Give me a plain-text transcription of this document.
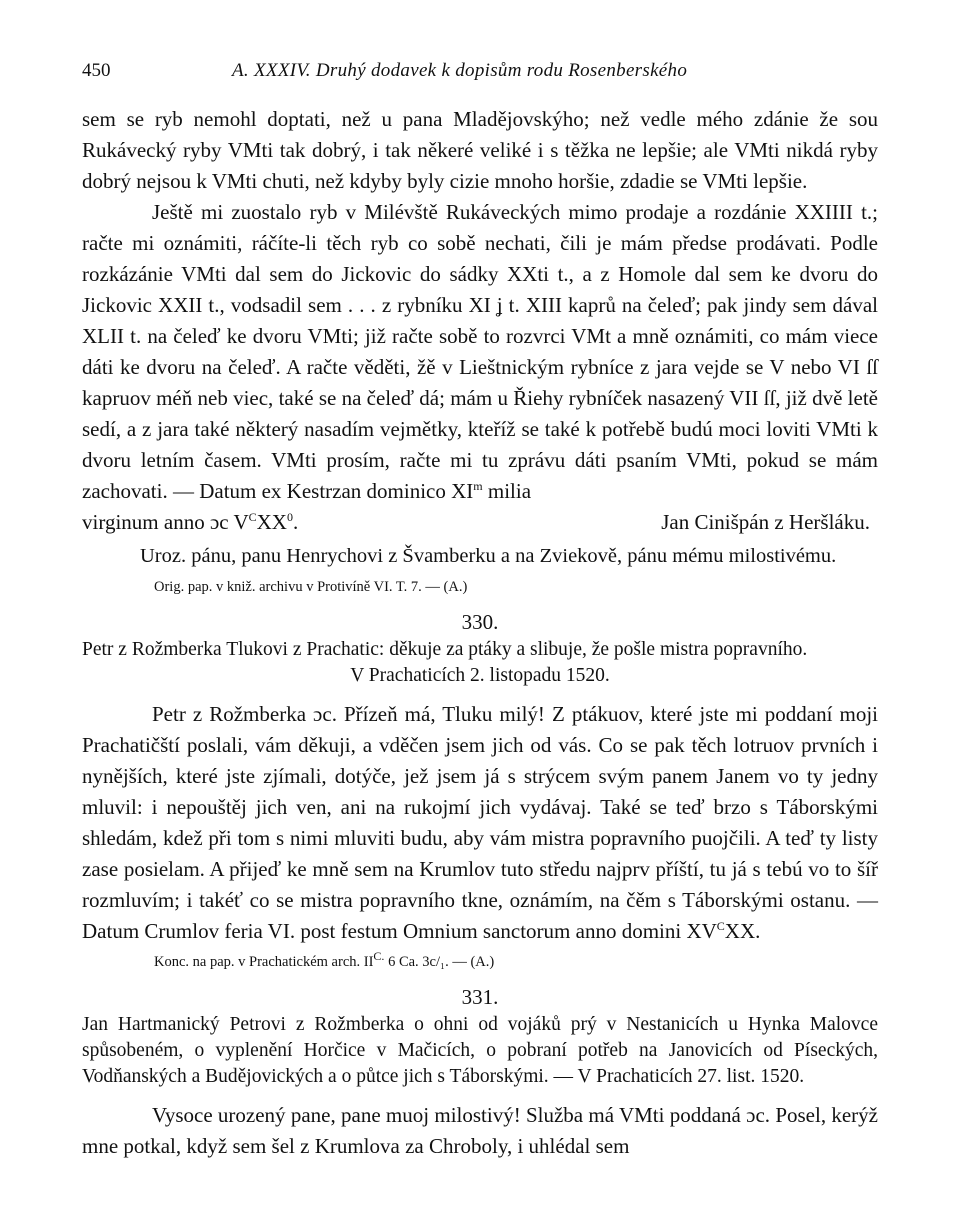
450	A. XXXIV. Druhý dodavek k dopisům rodu Rosenberského

sem se ryb nemohl doptati, než u pana Mladějovskýho; než vedle mého zdánie že sou Rukávecký ryby VMti tak dobrý, i tak někeré veliké i s těžka ne lepšie; ale VMti nikdá ryby dobrý nejsou k VMti chuti, než kdyby byly cizie mnoho horšie, zdadie se VMti lepšie.

Ještě mi zuostalo ryb v Milévště Rukáveckých mimo prodaje a rozdánie XXIIII t.; račte mi oznámiti, ráčíte-li těch ryb co sobě nechati, čili je mám předse prodávati. Podle rozkázánie VMti dal sem do Jickovic do sádky XXti t., a z Homole dal sem ke dvoru do Jickovic XXII t., vodsadil sem . . . z rybníku XI ʝ t. XIII kaprů na čeleď; pak jindy sem dával XLII t. na čeleď ke dvoru VMti; již račte sobě to rozvrci VMt a mně oznámiti, co mám viece dáti ke dvoru na čeleď. A račte věděti, žě v Lieštnickým rybníce z jara vejde se V nebo VI ſſ kapruov méň neb viec, také se na čeleď dá; mám u Řiehy rybníček nasazený VII ſſ, již dvě letě sedí, a z jara také některý nasadím vejmětky, kteříž se také k potřebě budú moci loviti VMti k dvoru letním časem. VMti prosím, račte mi tu zprávu dáti psaním VMti, pokud se mám zachovati. — Datum ex Kestrzan dominico $XI^m$ milia

virginum anno ɔc $V^CXX^0$.	Jan Cinišpán z Heršláku.

Uroz. pánu, panu Henrychovi z Švamberku a na Zviekově, pánu mému milostivému.

Orig. pap. v kniž. archivu v Protivíně VI. T. 7. — (A.)

330.

Petr z Rožmberka Tlukovi z Prachatic: děkuje za ptáky a slibuje, že pošle mistra popravního.

V Prachaticích 2. listopadu 1520.

Petr z Rožmberka ɔc. Přízeň má, Tluku milý! Z ptákuov, které jste mi poddaní moji Prachatičští poslali, vám děkuji, a vděčen jsem jich od vás. Co se pak těch lotruov prvních i nynějších, které jste zjímali, dotýče, jež jsem já s strýcem svým panem Janem vo ty jedny mluvil: i nepouštěj jich ven, ani na rukojmí jich vydávaj. Také se teď brzo s Táborskými shledám, kdež při tom s nimi mluviti budu, aby vám mistra popravního puojčili. A teď ty listy zase posielam. A přijeď ke mně sem na Krumlov tuto středu najprv příští, tu já s tebú vo to šíř rozmluvím; i takéť co se mistra popravního tkne, oznámím, na čěm s Táborskými ostanu. — Datum Crumlov feria VI. post festum Omnium sanctorum anno domini $XV^CXX$.

Konc. na pap. v Prachatickém arch. $II^{C.}$ 6 Ca. 3c/₁. — (A.)

331.

Jan Hartmanický Petrovi z Rožmberka o ohni od vojáků prý v Nestanicích u Hynka Malovce spůsobeném, o vyplenění Horčice v Mačicích, o pobraní potřeb na Janovicích od Píseckých, Vodňanských a Budějovických a o půtce jich s Táborskými. — V Prachaticích 27. list. 1520.

Vysoce urozený pane, pane muoj milostivý! Služba má VMti poddaná ɔc. Posel, kerýž mne potkal, když sem šel z Krumlova za Chroboly, i uhlédal sem
